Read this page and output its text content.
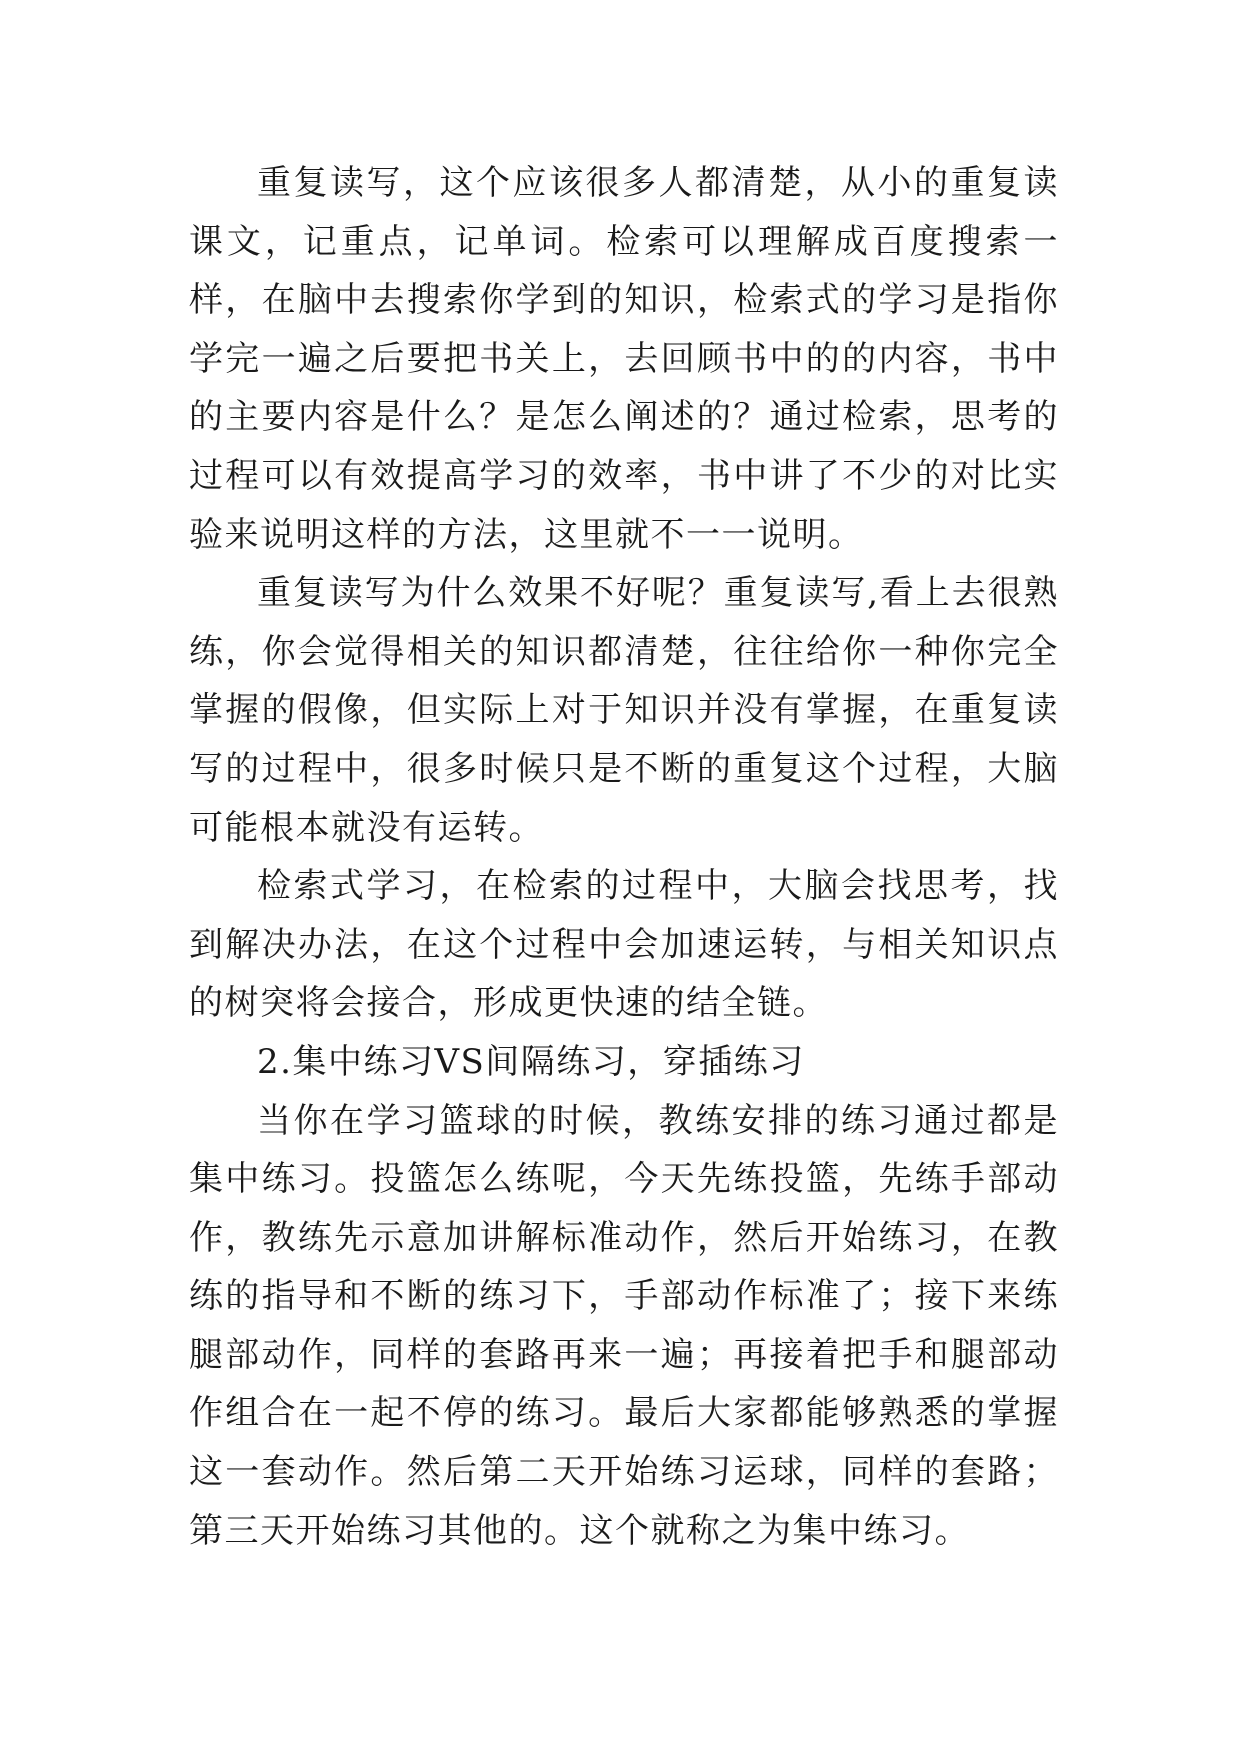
重复读写，这个应该很多人都清楚，从小的重复读课文，记重点，记单词。检索可以理解成百度搜索一样，在脑中去搜索你学到的知识，检索式的学习是指你学完一遍之后要把书关上，去回顾书中的的内容，书中的主要内容是什么？是怎么阐述的？通过检索，思考的过程可以有效提高学习的效率，书中讲了不少的对比实验来说明这样的方法，这里就不一一说明。

重复读写为什么效果不好呢？重复读写,看上去很熟练，你会觉得相关的知识都清楚，往往给你一种你完全掌握的假像，但实际上对于知识并没有掌握，在重复读写的过程中，很多时候只是不断的重复这个过程，大脑可能根本就没有运转。

检索式学习，在检索的过程中，大脑会找思考，找到解决办法，在这个过程中会加速运转，与相关知识点的树突将会接合，形成更快速的结全链。

2.集中练习VS间隔练习，穿插练习

当你在学习篮球的时候，教练安排的练习通过都是集中练习。投篮怎么练呢，今天先练投篮，先练手部动作，教练先示意加讲解标准动作，然后开始练习，在教练的指导和不断的练习下，手部动作标准了；接下来练腿部动作，同样的套路再来一遍；再接着把手和腿部动作组合在一起不停的练习。最后大家都能够熟悉的掌握这一套动作。然后第二天开始练习运球，同样的套路；第三天开始练习其他的。这个就称之为集中练习。
